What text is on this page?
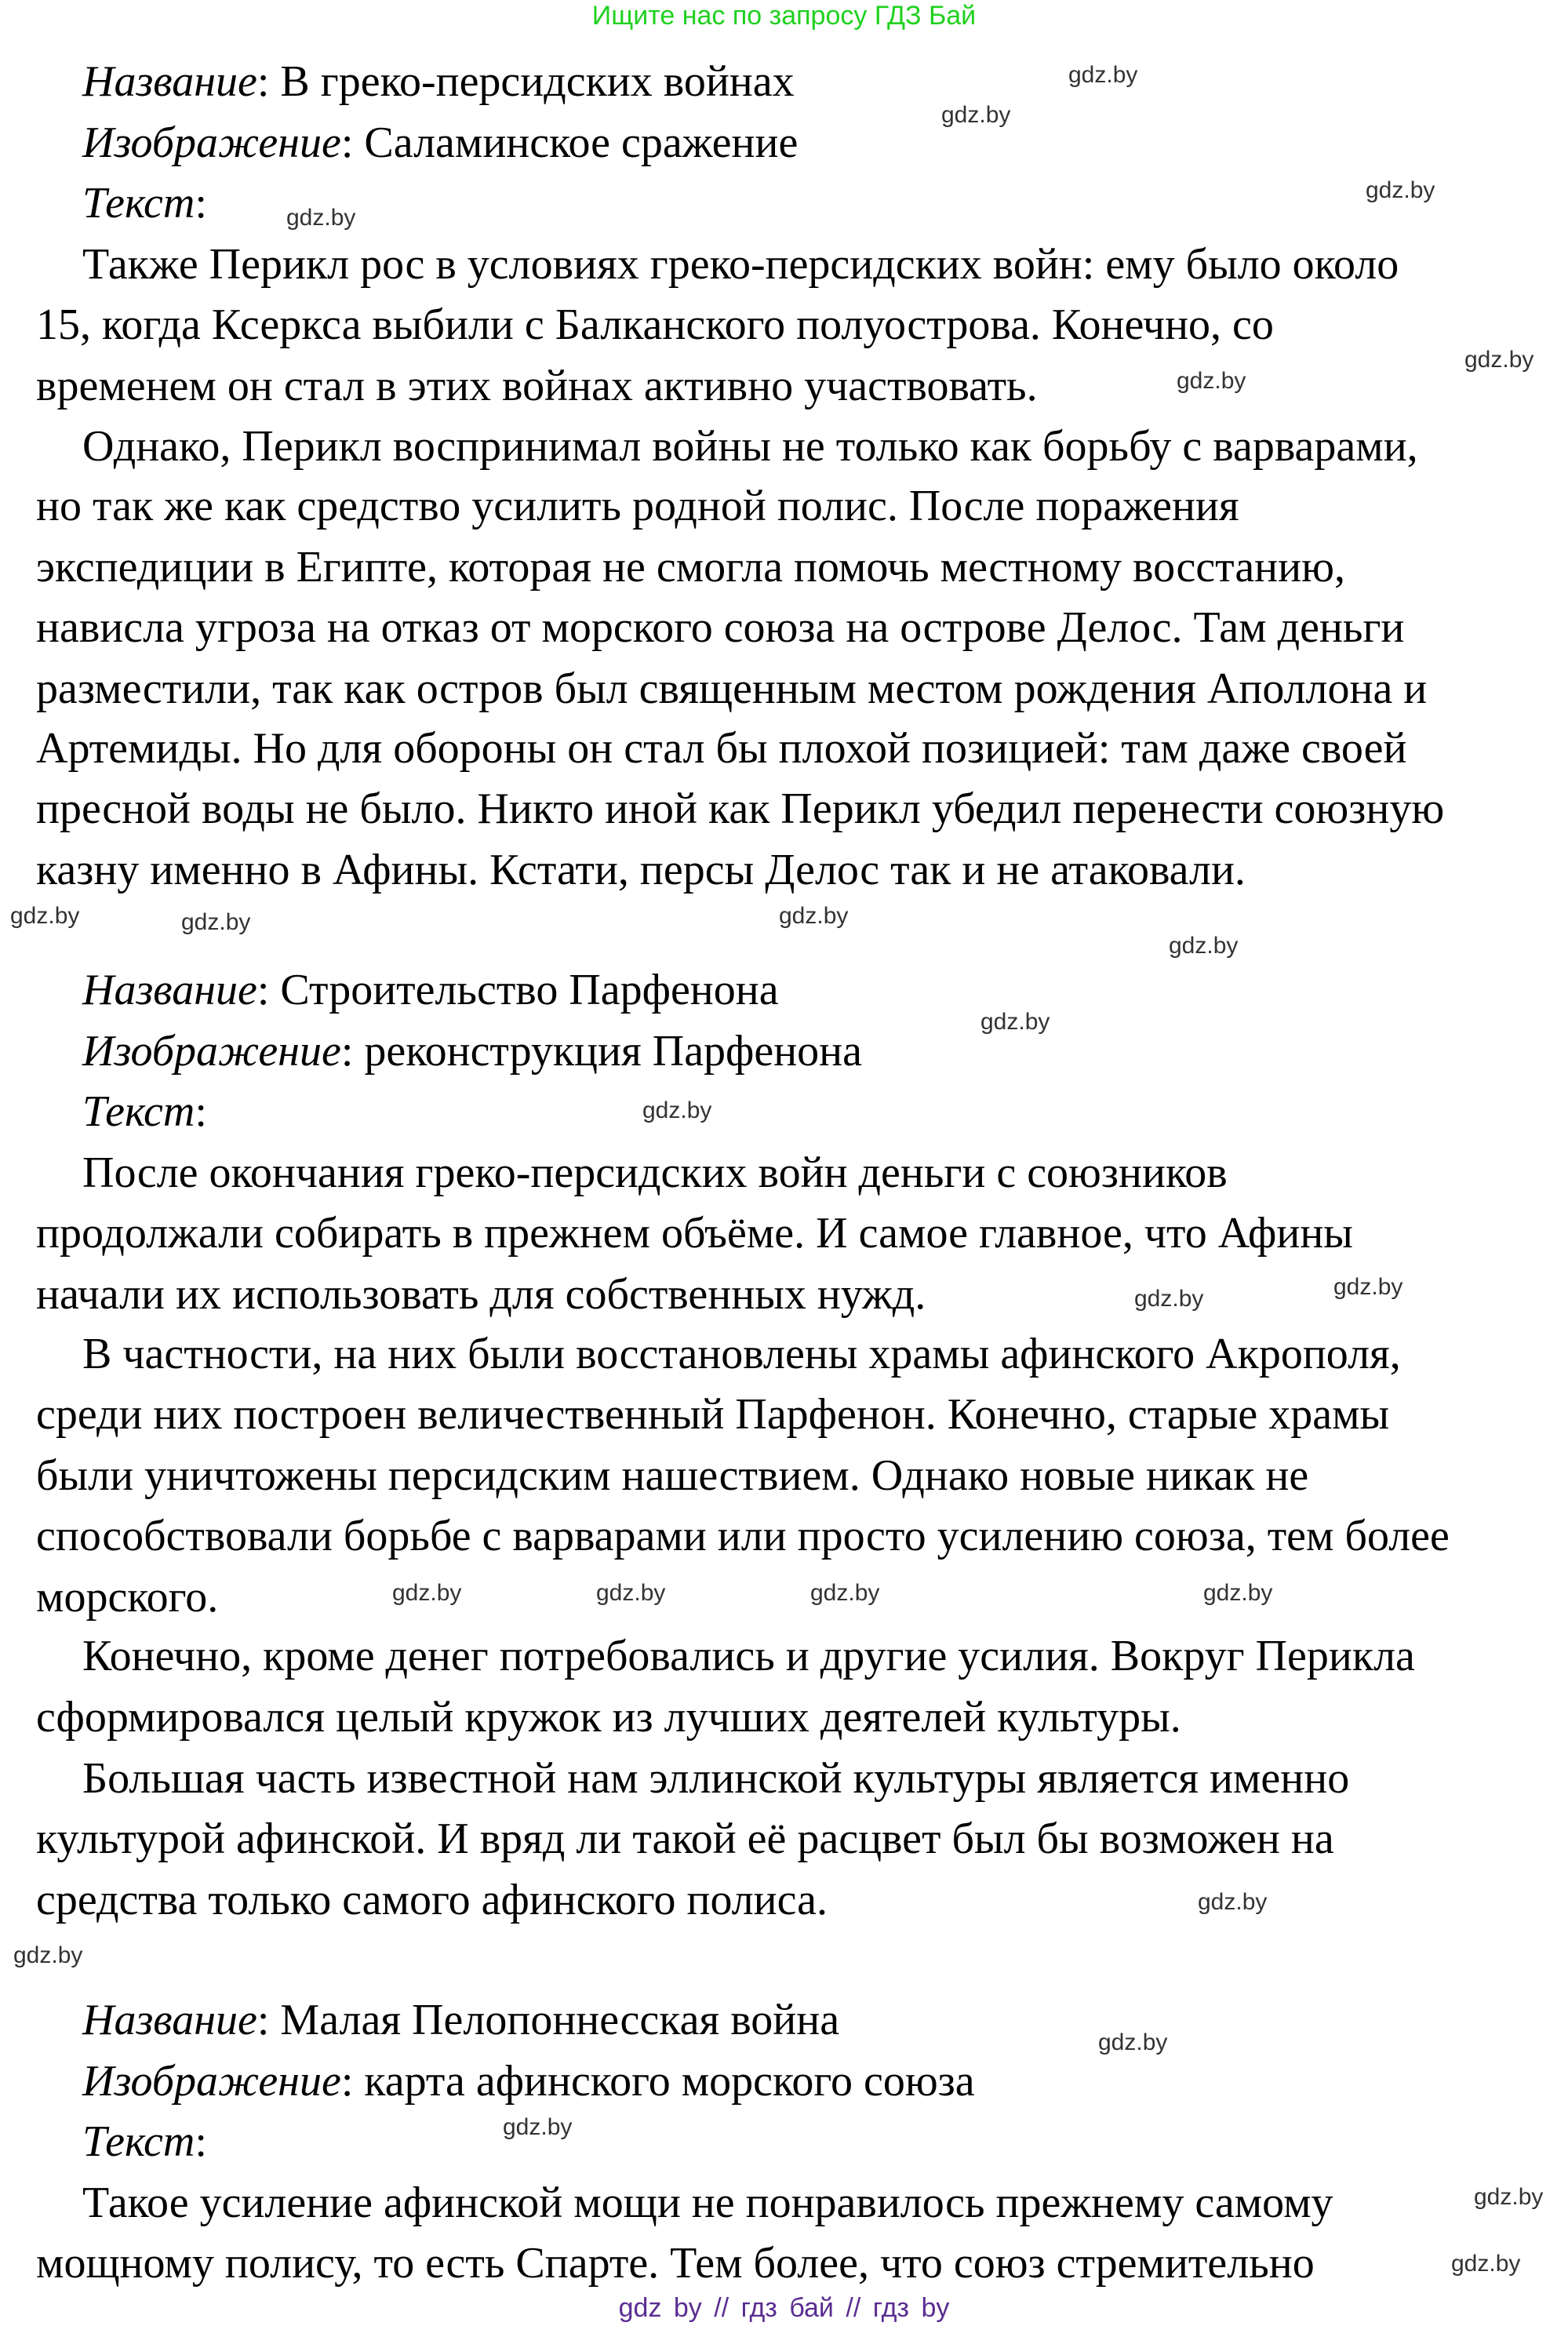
Ищите нас по запросу ГДЗ Бай
Название: В греко-персидских войнах
Изображение: Саламинское сражение
Текст:
Также Перикл рос в условиях греко-персидских войн: ему было около
15, когда Ксеркса выбили с Балканского полуострова. Конечно, со
временем он стал в этих войнах активно участвовать.
Однако, Перикл воспринимал войны не только как борьбу с варварами,
но так же как средство усилить родной полис. После поражения
экспедиции в Египте, которая не смогла помочь местному восстанию,
нависла угроза на отказ от морского союза на острове Делос. Там деньги
разместили, так как остров был священным местом рождения Аполлона и
Артемиды. Но для обороны он стал бы плохой позицией: там даже своей
пресной воды не было. Никто иной как Перикл убедил перенести союзную
казну именно в Афины. Кстати, персы Делос так и не атаковали.
Название: Строительство Парфенона
Изображение: реконструкция Парфенона
Текст:
После окончания греко-персидских войн деньги с союзников
продолжали собирать в прежнем объёме. И самое главное, что Афины
начали их использовать для собственных нужд.
В частности, на них были восстановлены храмы афинского Акрополя,
среди них построен величественный Парфенон. Конечно, старые храмы
были уничтожены персидским нашествием. Однако новые никак не
способствовали борьбе с варварами или просто усилению союза, тем более
морского.
Конечно, кроме денег потребовались и другие усилия. Вокруг Перикла
сформировался целый кружок из лучших деятелей культуры.
Большая часть известной нам эллинской культуры является именно
культурой афинской. И вряд ли такой её расцвет был бы возможен на
средства только самого афинского полиса.
Название: Малая Пелопоннесская война
Изображение: карта афинского морского союза
Текст:
Такое усиление афинской мощи не понравилось прежнему самому
мощному полису, то есть Спарте. Тем более, что союз стремительно
gdz.by
gdz.by
gdz.by
gdz.by
gdz.by
gdz.by
gdz.by	gdz.by
gdz.by
gdz.by
gdz.by
gdz.by
gdz.by	gdz.by
gdz.by	gdz.by
gdz.by
gdz.by
gdz.by
gdz.by
gdz.by
gdz.by
gdz.by
gdz.by
gdz by // гдз бай // гдз by
